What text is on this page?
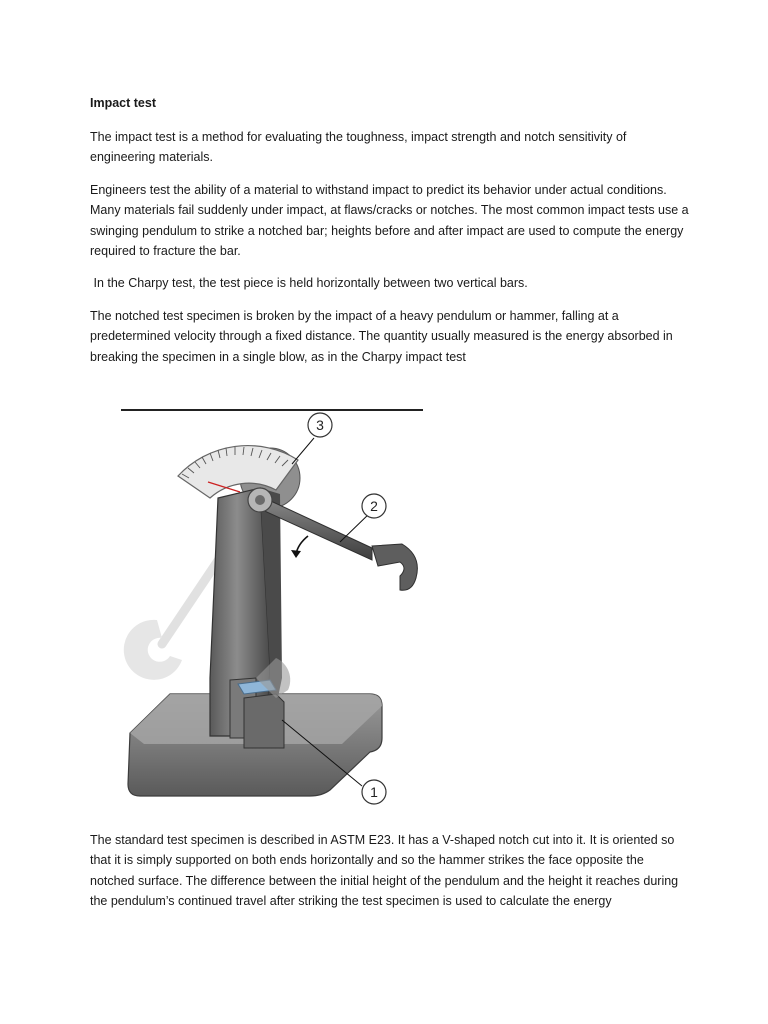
Impact test

The impact test is a method for evaluating the toughness, impact strength and notch sensitivity of engineering materials.

Engineers test the ability of a material to withstand impact to predict its behavior under actual conditions. Many materials fail suddenly under impact, at flaws/cracks or notches. The most common impact tests use a swinging pendulum to strike a notched bar; heights before and after impact are used to compute the energy required to fracture the bar.

In the Charpy test, the test piece is held horizontally between two vertical bars.

The notched test specimen is broken by the impact of a heavy pendulum or hammer, falling at a predetermined velocity through a fixed distance. The quantity usually measured is the energy absorbed in breaking the specimen in a single blow, as in the Charpy impact test

1
2
3

The standard test specimen is described in ASTM E23. It has a V-shaped notch cut into it. It is oriented so that it is simply supported on both ends horizontally and so the hammer strikes the face opposite the notched surface. The difference between the initial height of the pendulum and the height it reaches during the pendulum’s continued travel after striking the test specimen is used to calculate the energy
